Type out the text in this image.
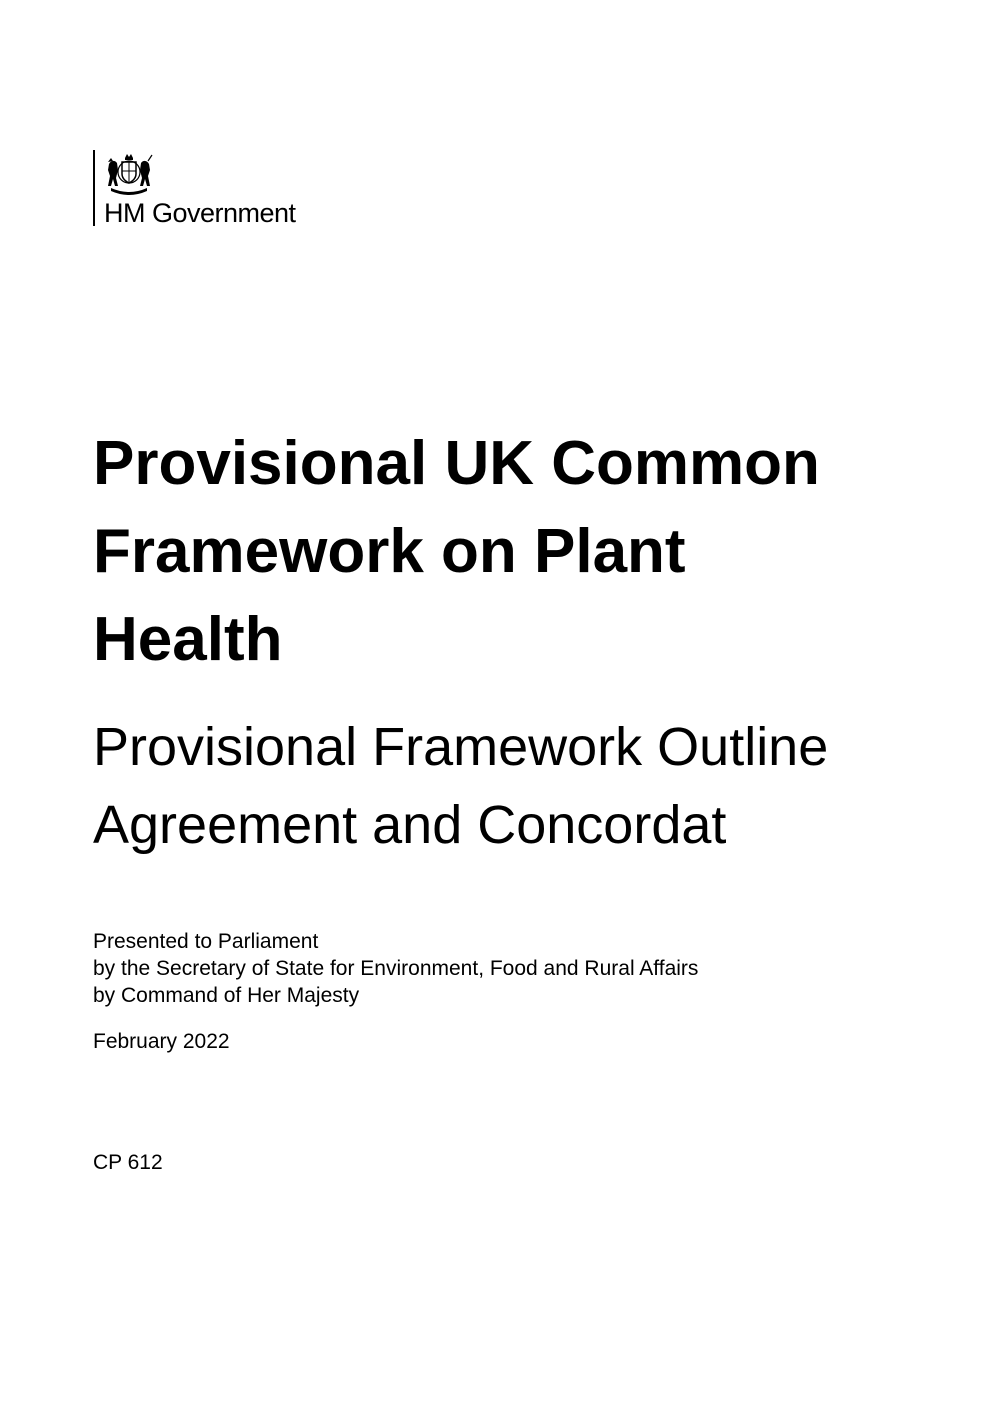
HM Government
Provisional UK Common
Framework on Plant
Health
Provisional Framework Outline
Agreement and Concordat
Presented to Parliament
by the Secretary of State for Environment, Food and Rural Affairs
by Command of Her Majesty
February 2022
CP 612
